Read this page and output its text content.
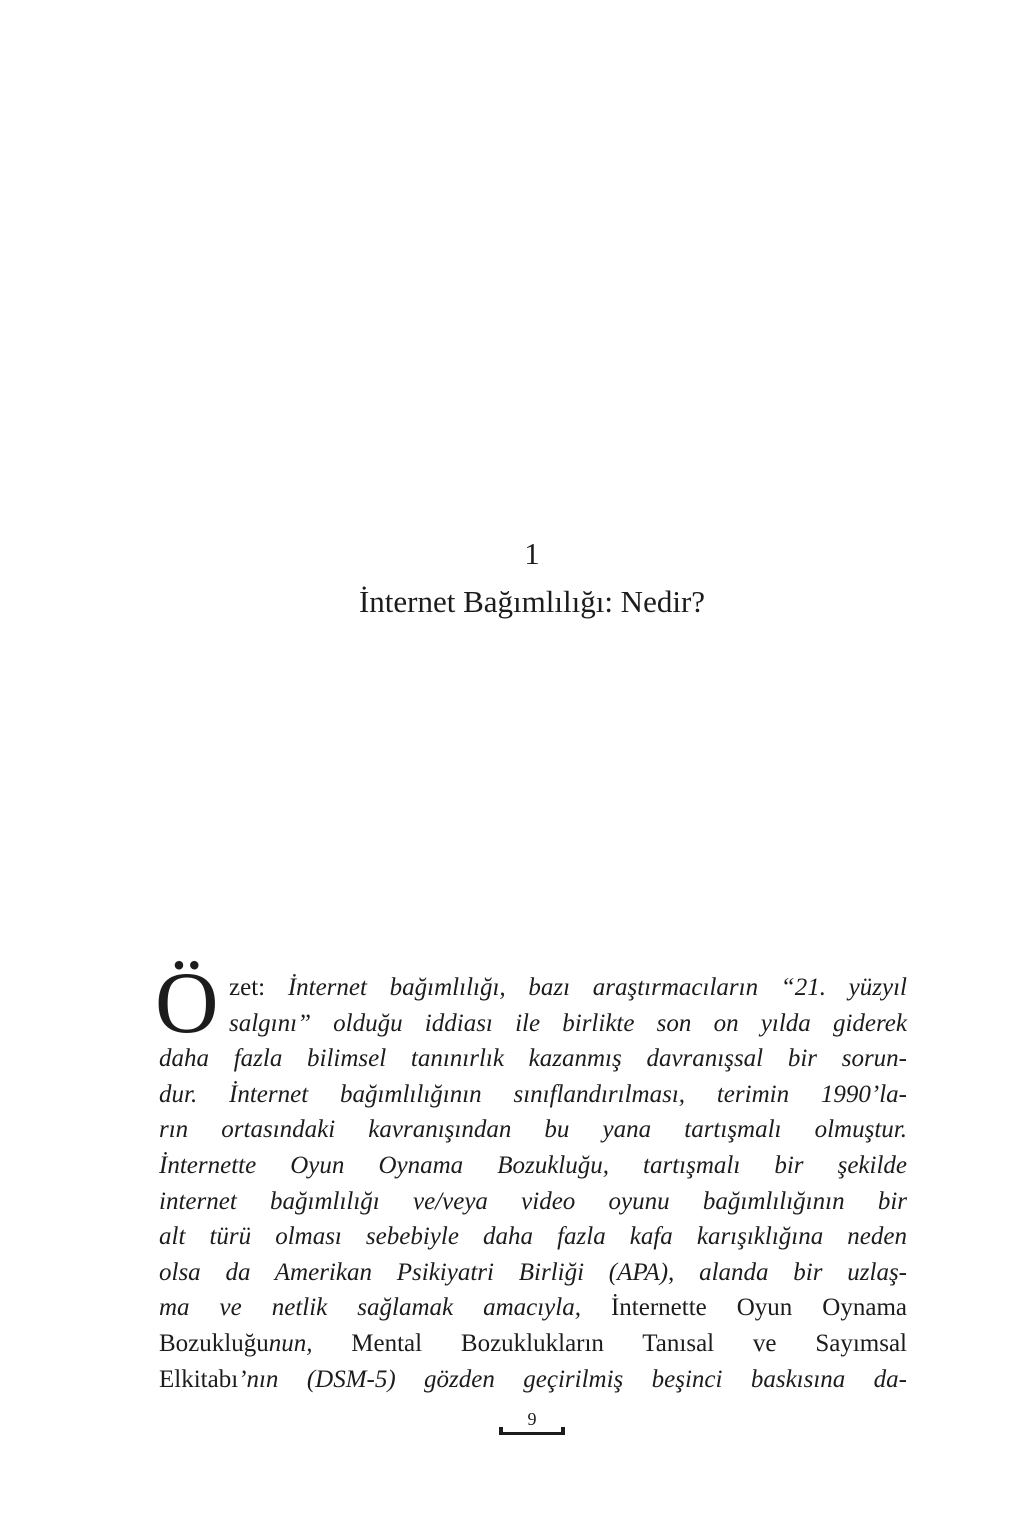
1
İnternet Bağımlılığı: Nedir?
Ö zet: İnternet bağımlılığı, bazı araştırmacıların “21. yüzyıl
salgını” olduğu iddiası ile birlikte son on yılda giderek
daha fazla bilimsel tanınırlık kazanmış davranışsal bir sorun-
dur. İnternet bağımlılığının sınıflandırılması, terimin 1990’la-
rın ortasındaki kavranışından bu yana tartışmalı olmuştur.
İnternette Oyun Oynama Bozukluğu, tartışmalı bir şekilde
internet bağımlılığı ve/veya video oyunu bağımlılığının bir
alt türü olması sebebiyle daha fazla kafa karışıklığına neden
olsa da Amerikan Psikiyatri Birliği (APA), alanda bir uzlaş-
ma ve netlik sağlamak amacıyla, İnternette Oyun Oynama
Bozukluğunun, Mental Bozuklukların Tanısal ve Sayımsal
Elkitabı’nın (DSM-5) gözden geçirilmiş beşinci baskısına da-
9
